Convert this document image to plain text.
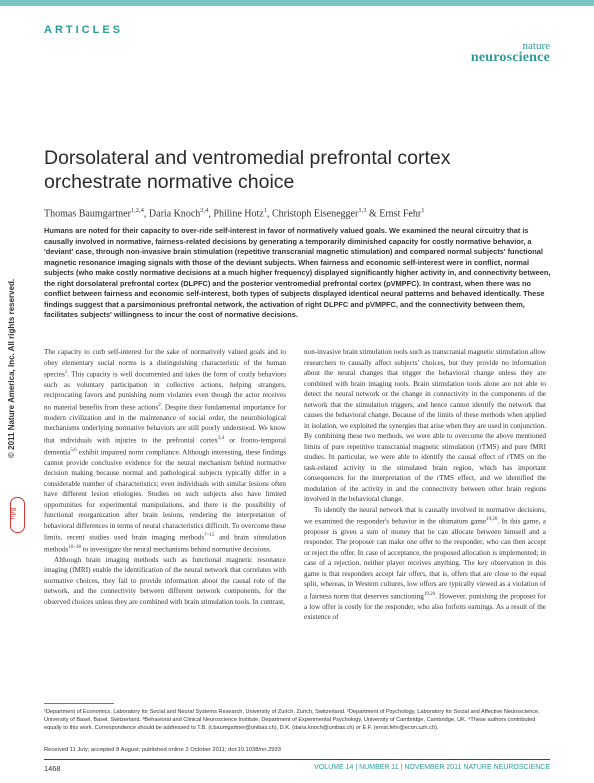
ARTICLES
nature
neuroscience
Dorsolateral and ventromedial prefrontal cortex
orchestrate normative choice
Thomas Baumgartner$^{1,2,4}$, Daria Knoch$^{2,4}$, Philine Hotz$^1$, Christoph Eisenegger$^{1,3}$ & Ernst Fehr$^1$
Humans are noted for their capacity to over-ride self-interest in favor of normatively valued goals. We examined the neural circuitry that is causally involved in normative, fairness-related decisions by generating a temporarily diminished capacity for costly normative behavior, a 'deviant' case, through non-invasive brain stimulation (repetitive transcranial magnetic stimulation) and compared normal subjects' functional magnetic resonance imaging signals with those of the deviant subjects. When fairness and economic self-interest were in conflict, normal subjects (who make costly normative decisions at a much higher frequency) displayed significantly higher activity in, and connectivity between, the right dorsolateral prefrontal cortex (DLPFC) and the posterior ventromedial prefrontal cortex (pVMPFC). In contrast, when there was no conflict between fairness and economic self-interest, both types of subjects displayed identical neural patterns and behaved identically. These findings suggest that a parsimonious prefrontal network, the activation of right DLPFC and pVMPFC, and the connectivity between them, facilitates subjects' willingness to incur the cost of normative decisions.
© 2011 Nature America, Inc. All rights reserved.
npg

The capacity to curb self-interest for the sake of normatively valued goals and to obey elementary social norms is a distinguishing characteristic of the human species$^1$. This capacity is well documented and takes the form of costly behaviors such as voluntary participation in collective actions, helping strangers, reciprocating favors and punishing norm violators even though the actor receives no material benefits from these actions$^2$. Despite their fundamental importance for modern civilization and in the maintenance of social order, the neurobiological mechanisms underlying normative behaviors are still poorly understood. We know that individuals with injuries to the prefrontal cortex$^{3,4}$ or fronto-temporal dementia$^{5,6}$ exhibit impaired norm compliance. Although interesting, these findings cannot provide conclusive evidence for the neural mechanism behind normative decision making because normal and pathological subjects typically differ in a considerable number of characteristics; even individuals with similar lesions often have different lesion etiologies. Studies on such subjects also have limited opportunities for experimental manipulations, and there is the possibility of functional reorganization after brain lesions, rendering the interpretation of behavioral differences in terms of neural characteristics difficult. To overcome these limits, recent studies used brain imaging methods$^{7-15}$ and brain stimulation methods$^{16-18}$ to investigate the neural mechanisms behind normative decisions.

Although brain imaging methods such as functional magnetic resonance imaging (fMRI) enable the identification of the neural network that correlates with normative choices, they fail to provide information about the causal role of the network, and the connectivity between different network components, for the observed choices unless they are combined with brain stimulation tools. In contrast,

non-invasive brain stimulation tools such as transcranial magnetic stimulation allow researchers to causally affect subjects' choices, but they provide no information about the neural changes that trigger the behavioral change unless they are combined with brain imaging tools. Brain stimulation tools alone are not able to detect the neural network or the change in connectivity in the components of the network that the stimulation triggers, and hence cannot identify the network that causes the behavioral change. Because of the limits of these methods when applied in isolation, we exploited the synergies that arise when they are used in conjunction. By combining these two methods, we were able to overcome the above mentioned limits of pure repetitive transcranial magnetic stimulation (rTMS) and pure fMRI studies. In particular, we were able to identify the causal effect of rTMS on the task-related activity in the stimulated brain region, which has important consequences for the interpretation of the rTMS effect, and we identified the modulation of the activity in and the connectivity between other brain regions involved in the behavioral change.

To identify the neural network that is causally involved in normative decisions, we examined the responder's behavior in the ultimatum game$^{19,20}$. In this game, a proposer is given a sum of money that he can allocate between himself and a responder. The proposer can make one offer to the responder, who can then accept or reject the offer. In case of acceptance, the proposed allocation is implemented; in case of a rejection, neither player receives anything. The key observation in this game is that responders accept fair offers, that is, offers that are close to the equal split, whereas, in Western cultures, low offers are typically viewed as a violation of a fairness norm that deserves sanctioning$^{19,20}$. However, punishing the proposer for a low offer is costly for the responder, who also forfeits earnings. As a result of the existence of

¹Department of Economics, Laboratory for Social and Neural Systems Research, University of Zurich, Zurich, Switzerland. ²Department of Psychology, Laboratory for Social and Affective Neuroscience, University of Basel, Basel, Switzerland. ³Behavioral and Clinical Neuroscience Institute, Department of Experimental Psychology, University of Cambridge, Cambridge, UK. ⁴These authors contributed equally to this work. Correspondence should be addressed to T.B. (t.baumgartner@unibas.ch), D.K. (daria.knoch@unibas.ch) or E.F. (ernst.fehr@econ.uzh.ch).
Received 11 July; accepted 8 August; published online 2 October 2011; doi:10.1038/nn.2933
1468	VOLUME 14 | NUMBER 11 | NOVEMBER 2011 NATURE NEUROSCIENCE
